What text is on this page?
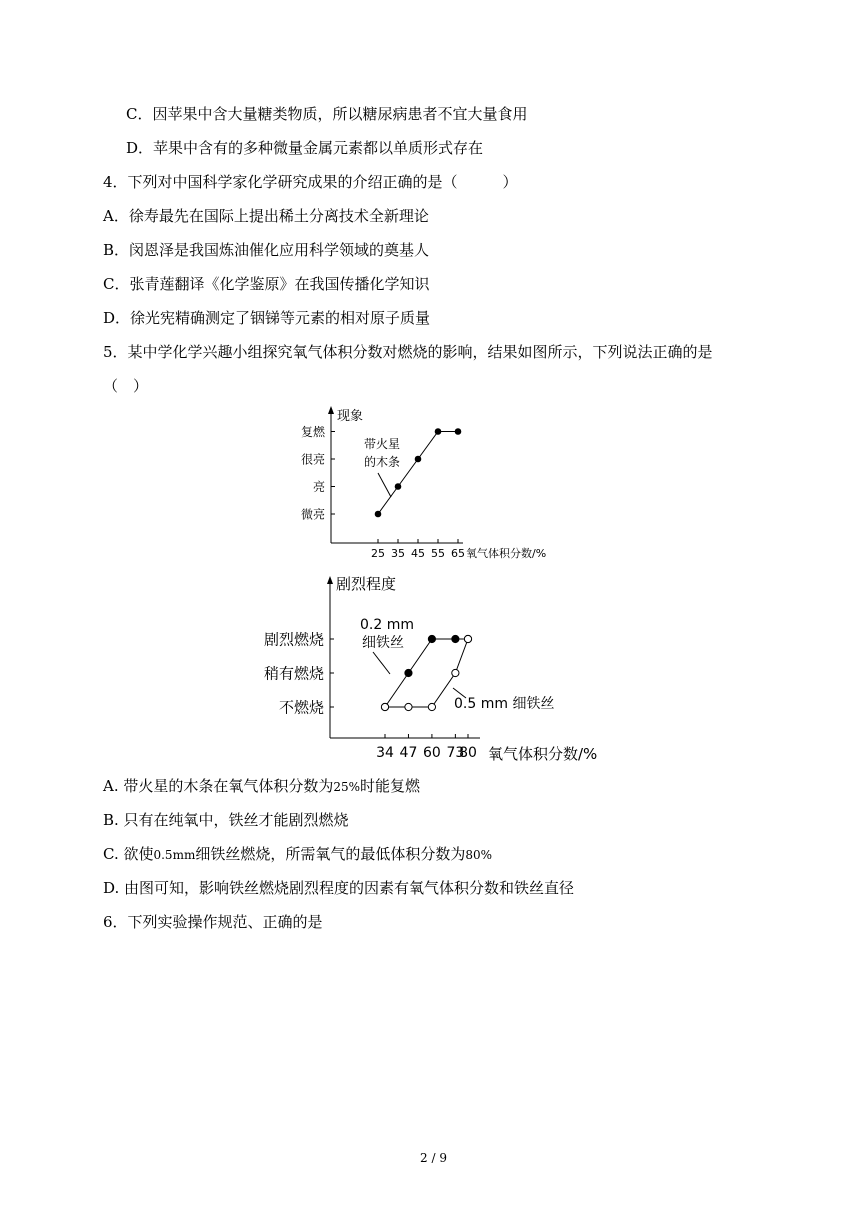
C．因苹果中含大量糖类物质，所以糖尿病患者不宜大量食用
D．苹果中含有的多种微量金属元素都以单质形式存在
4．下列对中国科学家化学研究成果的介绍正确的是（　　　）
A．徐寿最先在国际上提出稀土分离技术全新理论
B．闵恩泽是我国炼油催化应用科学领域的奠基人
C．张青莲翻译《化学鉴原》在我国传播化学知识
D．徐光宪精确测定了铟锑等元素的相对原子质量
5．某中学化学兴趣小组探究氧气体积分数对燃烧的影响，结果如图所示，下列说法正确的是
（　）
现象
氧气体积分数/%
微亮
亮
很亮
复燃
25 35 45 55 65
带火星
的木条
剧烈程度
氧气体积分数/%
不燃烧
稍有燃烧
剧烈燃烧
34 47 60 73
80
0.2 mm
细铁丝
0.5 mm 细铁丝
A. 带火星的木条在氧气体积分数为25%时能复燃
B. 只有在纯氧中，铁丝才能剧烈燃烧
C. 欲使0.5mm细铁丝燃烧，所需氧气的最低体积分数为80%
D. 由图可知，影响铁丝燃烧剧烈程度的因素有氧气体积分数和铁丝直径
6．下列实验操作规范、正确的是
2 / 9
